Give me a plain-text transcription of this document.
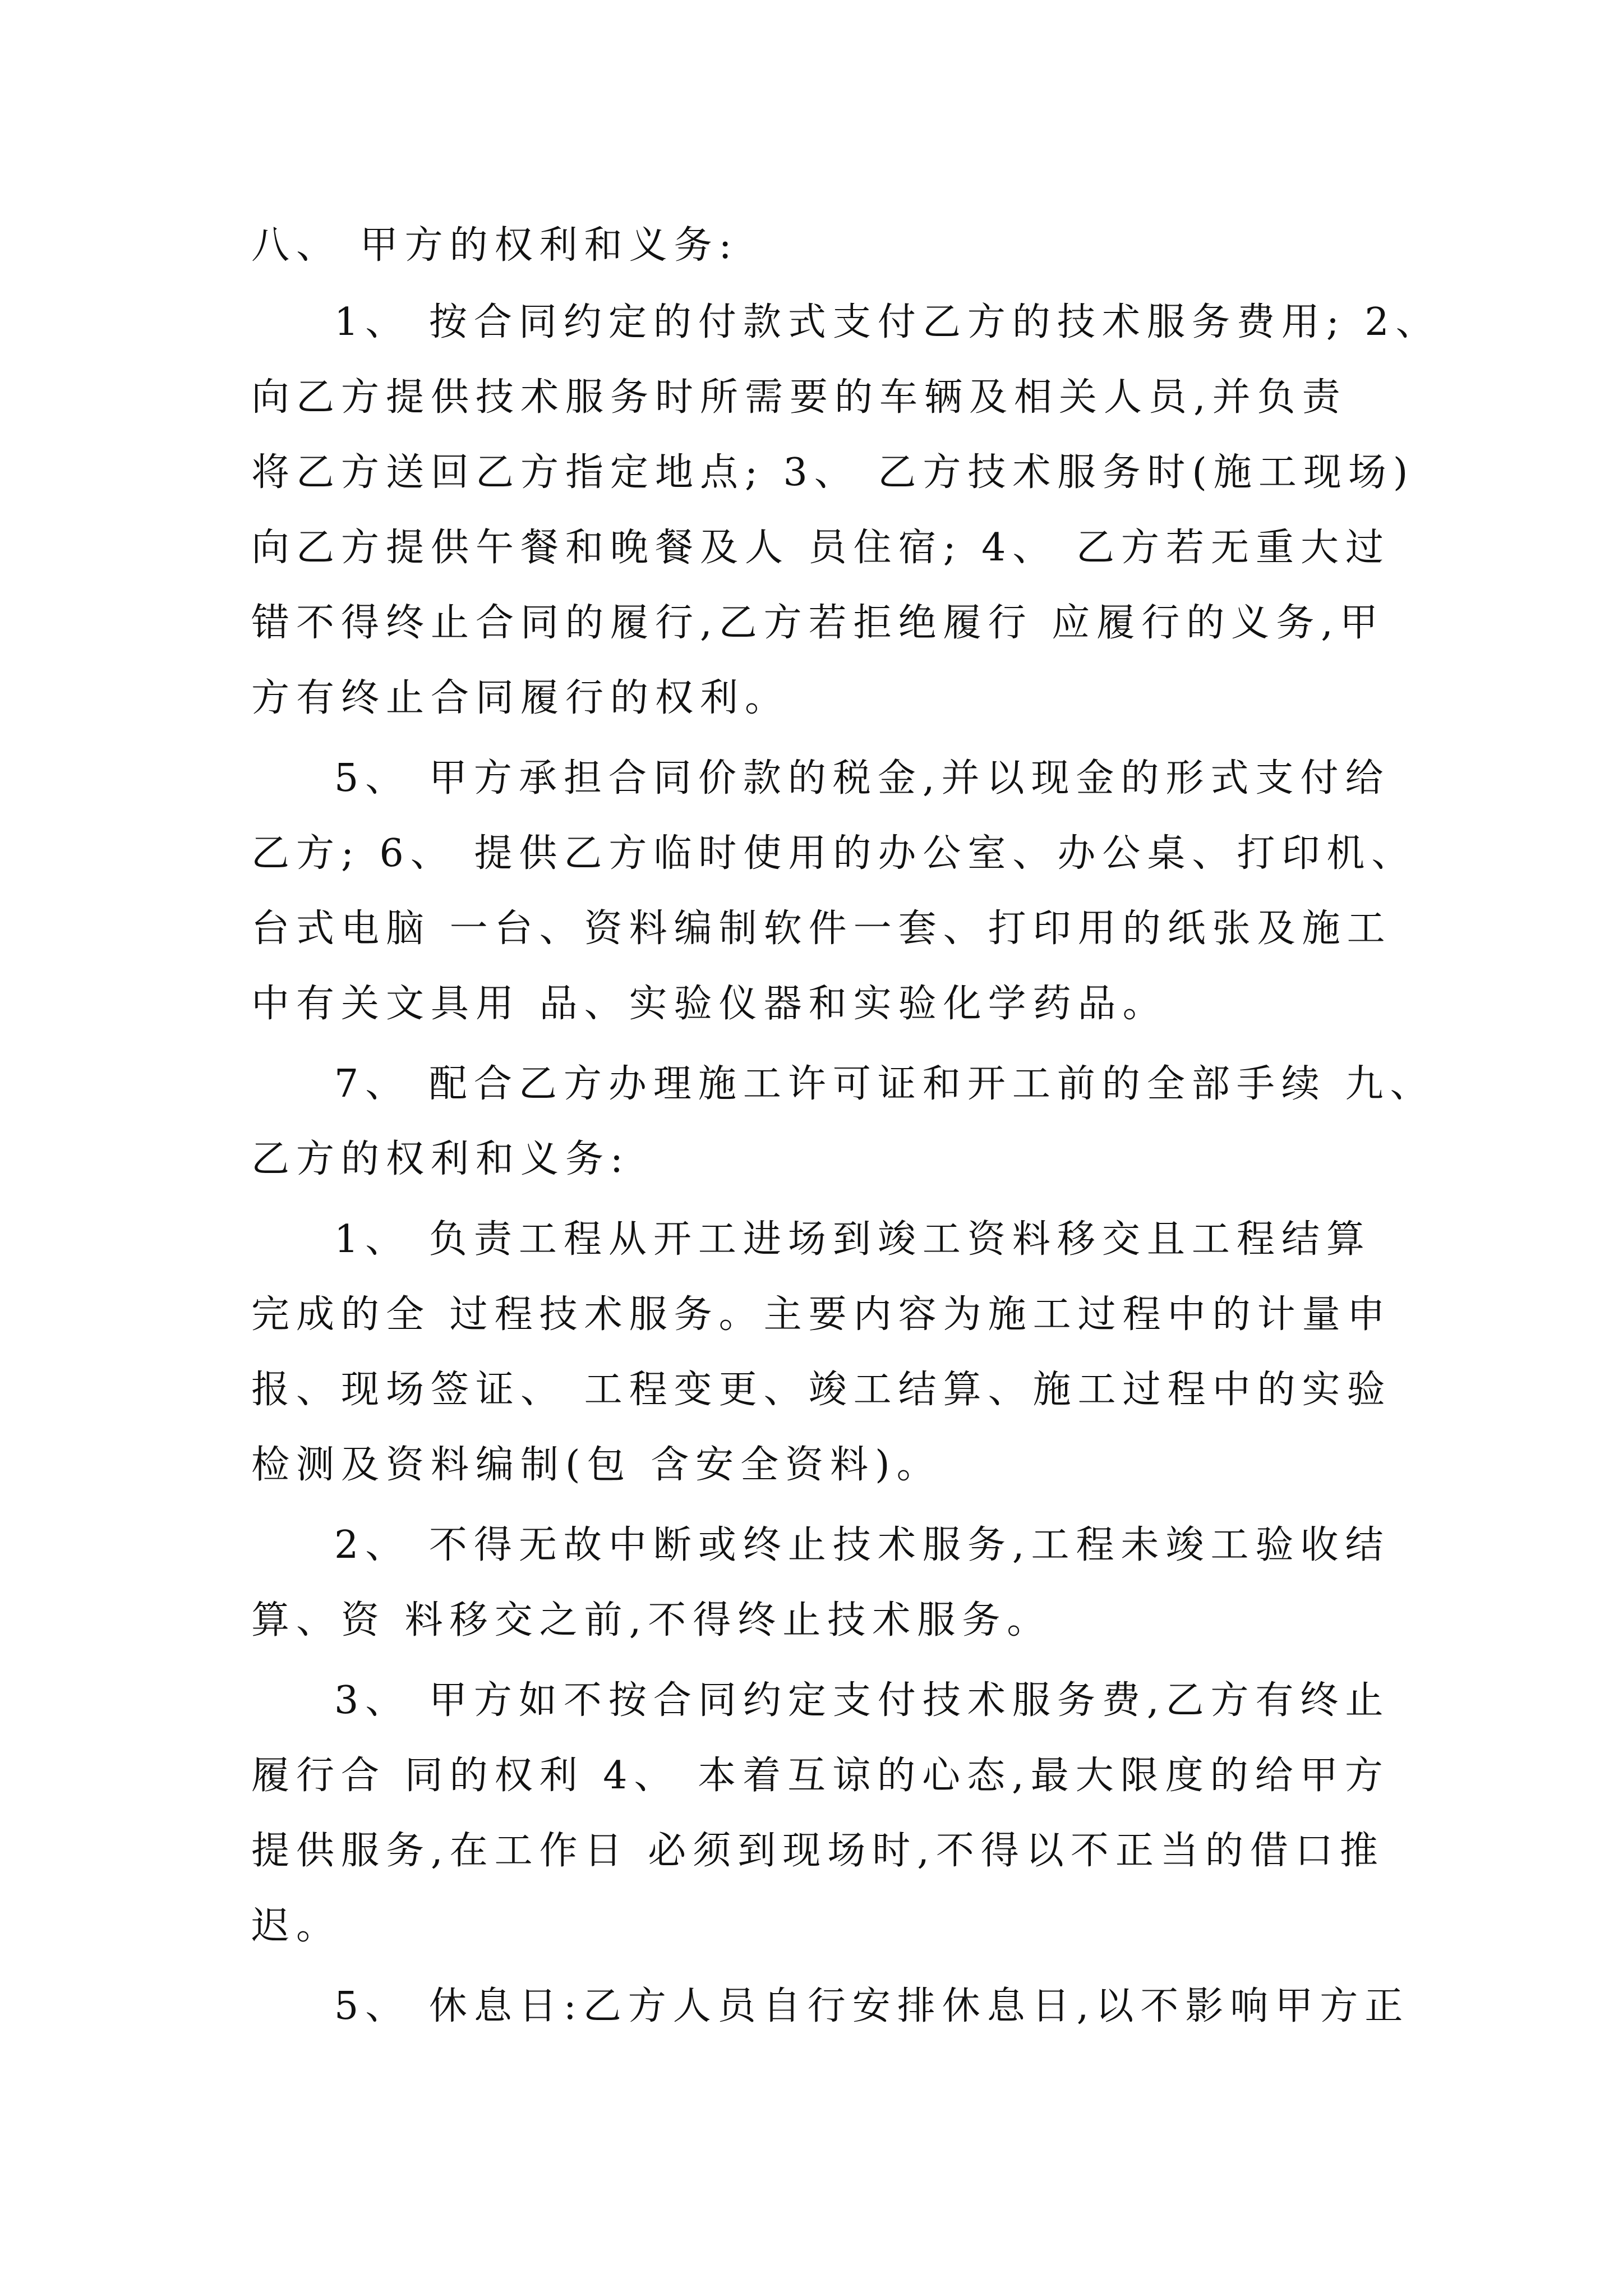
八、 甲方的权利和义务:
1、 按合同约定的付款式支付乙方的技术服务费用; 2、
向乙方提供技术服务时所需要的车辆及相关人员,并负责
将乙方送回乙方指定地点; 3、 乙方技术服务时(施工现场)
向乙方提供午餐和晚餐及人 员住宿; 4、 乙方若无重大过
错不得终止合同的履行,乙方若拒绝履行 应履行的义务,甲
方有终止合同履行的权利。
5、 甲方承担合同价款的税金,并以现金的形式支付给
乙方; 6、 提供乙方临时使用的办公室、办公桌、打印机、
台式电脑 一台、资料编制软件一套、打印用的纸张及施工
中有关文具用 品、实验仪器和实验化学药品。
7、 配合乙方办理施工许可证和开工前的全部手续 九、
乙方的权利和义务:
1、 负责工程从开工进场到竣工资料移交且工程结算
完成的全 过程技术服务。主要内容为施工过程中的计量申
报、现场签证、 工程变更、竣工结算、施工过程中的实验
检测及资料编制(包 含安全资料)。
2、 不得无故中断或终止技术服务,工程未竣工验收结
算、资 料移交之前,不得终止技术服务。
3、 甲方如不按合同约定支付技术服务费,乙方有终止
履行合 同的权利 4、 本着互谅的心态,最大限度的给甲方
提供服务,在工作日 必须到现场时,不得以不正当的借口推
迟。
5、 休息日:乙方人员自行安排休息日,以不影响甲方正
